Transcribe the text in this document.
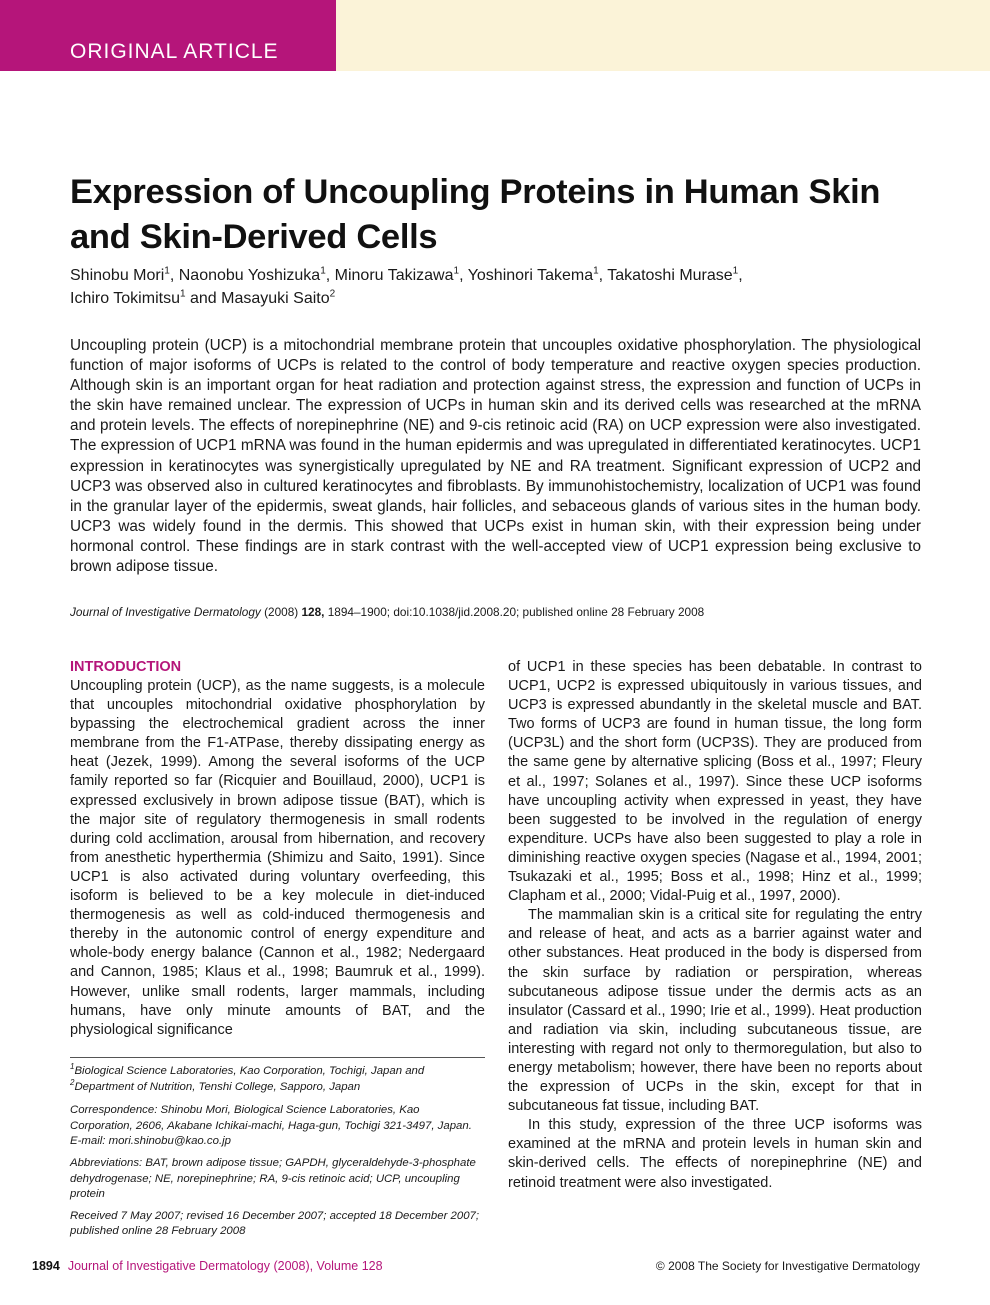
ORIGINAL ARTICLE
Expression of Uncoupling Proteins in Human Skin and Skin-Derived Cells
Shinobu Mori$^1$, Naonobu Yoshizuka$^1$, Minoru Takizawa$^1$, Yoshinori Takema$^1$, Takatoshi Murase$^1$,
Ichiro Tokimitsu$^1$ and Masayuki Saito$^2$

Uncoupling protein (UCP) is a mitochondrial membrane protein that uncouples oxidative phosphorylation. The physiological function of major isoforms of UCPs is related to the control of body temperature and reactive oxygen species production. Although skin is an important organ for heat radiation and protection against stress, the expression and function of UCPs in the skin have remained unclear. The expression of UCPs in human skin and its derived cells was researched at the mRNA and protein levels. The effects of norepinephrine (NE) and 9-cis retinoic acid (RA) on UCP expression were also investigated. The expression of UCP1 mRNA was found in the human epidermis and was upregulated in differentiated keratinocytes. UCP1 expression in keratinocytes was synergistically upregulated by NE and RA treatment. Significant expression of UCP2 and UCP3 was observed also in cultured keratinocytes and fibroblasts. By immunohistochemistry, localization of UCP1 was found in the granular layer of the epidermis, sweat glands, hair follicles, and sebaceous glands of various sites in the human body. UCP3 was widely found in the dermis. This showed that UCPs exist in human skin, with their expression being under hormonal control. These findings are in stark contrast with the well-accepted view of UCP1 expression being exclusive to brown adipose tissue.

Journal of Investigative Dermatology (2008) 128, 1894–1900; doi:10.1038/jid.2008.20; published online 28 February 2008
INTRODUCTION

Uncoupling protein (UCP), as the name suggests, is a molecule that uncouples mitochondrial oxidative phosphorylation by bypassing the electrochemical gradient across the inner membrane from the F1-ATPase, thereby dissipating energy as heat (Jezek, 1999). Among the several isoforms of the UCP family reported so far (Ricquier and Bouillaud, 2000), UCP1 is expressed exclusively in brown adipose tissue (BAT), which is the major site of regulatory thermogenesis in small rodents during cold acclimation, arousal from hibernation, and recovery from anesthetic hyperthermia (Shimizu and Saito, 1991). Since UCP1 is also activated during voluntary overfeeding, this isoform is believed to be a key molecule in diet-induced thermogenesis as well as cold-induced thermogenesis and thereby in the autonomic control of energy expenditure and whole-body energy balance (Cannon et al., 1982; Nedergaard and Cannon, 1985; Klaus et al., 1998; Baumruk et al., 1999). However, unlike small rodents, larger mammals, including humans, have only minute amounts of BAT, and the physiological significance

of UCP1 in these species has been debatable. In contrast to UCP1, UCP2 is expressed ubiquitously in various tissues, and UCP3 is expressed abundantly in the skeletal muscle and BAT. Two forms of UCP3 are found in human tissue, the long form (UCP3L) and the short form (UCP3S). They are produced from the same gene by alternative splicing (Boss et al., 1997; Fleury et al., 1997; Solanes et al., 1997). Since these UCP isoforms have uncoupling activity when expressed in yeast, they have been suggested to be involved in the regulation of energy expenditure. UCPs have also been suggested to play a role in diminishing reactive oxygen species (Nagase et al., 1994, 2001; Tsukazaki et al., 1995; Boss et al., 1998; Hinz et al., 1999; Clapham et al., 2000; Vidal-Puig et al., 1997, 2000).

The mammalian skin is a critical site for regulating the entry and release of heat, and acts as a barrier against water and other substances. Heat produced in the body is dispersed from the skin surface by radiation or perspiration, whereas subcutaneous adipose tissue under the dermis acts as an insulator (Cassard et al., 1990; Irie et al., 1999). Heat production and radiation via skin, including subcutaneous tissue, are interesting with regard not only to thermoregulation, but also to energy metabolism; however, there have been no reports about the expression of UCPs in the skin, except for that in subcutaneous fat tissue, including BAT.

In this study, expression of the three UCP isoforms was examined at the mRNA and protein levels in human skin and skin-derived cells. The effects of norepinephrine (NE) and retinoid treatment were also investigated.

$^1$Biological Science Laboratories, Kao Corporation, Tochigi, Japan and
$^2$Department of Nutrition, Tenshi College, Sapporo, Japan

Correspondence: Shinobu Mori, Biological Science Laboratories, Kao Corporation, 2606, Akabane Ichikai-machi, Haga-gun, Tochigi 321-3497, Japan. E-mail: mori.shinobu@kao.co.jp

Abbreviations: BAT, brown adipose tissue; GAPDH, glyceraldehyde-3-phosphate dehydrogenase; NE, norepinephrine; RA, 9-cis retinoic acid; UCP, uncoupling protein

Received 7 May 2007; revised 16 December 2007; accepted 18 December 2007; published online 28 February 2008

1894 Journal of Investigative Dermatology (2008), Volume 128	© 2008 The Society for Investigative Dermatology
